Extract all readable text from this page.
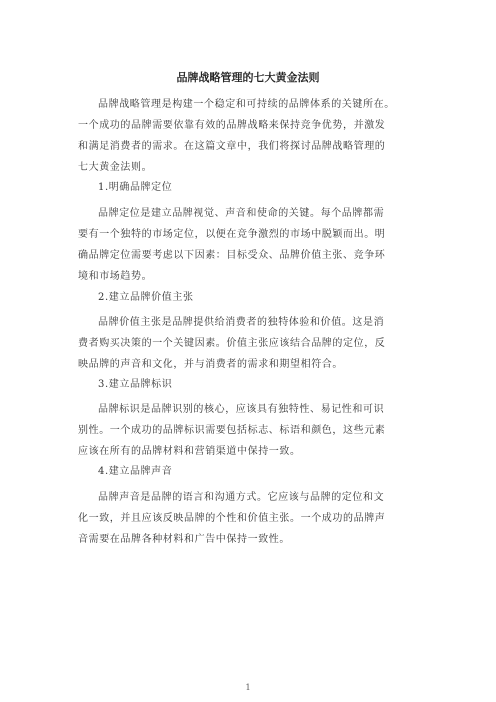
品牌战略管理的七大黄金法则
品牌战略管理是构建一个稳定和可持续的品牌体系的关键所在。
一个成功的品牌需要依靠有效的品牌战略来保持竞争优势，并激发
和满足消费者的需求。在这篇文章中，我们将探讨品牌战略管理的
七大黄金法则。

1.明确品牌定位

品牌定位是建立品牌视觉、声音和使命的关键。每个品牌都需
要有一个独特的市场定位，以便在竞争激烈的市场中脱颖而出。明
确品牌定位需要考虑以下因素：目标受众、品牌价值主张、竞争环
境和市场趋势。

2.建立品牌价值主张

品牌价值主张是品牌提供给消费者的独特体验和价值。这是消
费者购买决策的一个关键因素。价值主张应该结合品牌的定位，反
映品牌的声音和文化，并与消费者的需求和期望相符合。

3.建立品牌标识

品牌标识是品牌识别的核心，应该具有独特性、易记性和可识
别性。一个成功的品牌标识需要包括标志、标语和颜色，这些元素
应该在所有的品牌材料和营销渠道中保持一致。

4.建立品牌声音

品牌声音是品牌的语言和沟通方式。它应该与品牌的定位和文
化一致，并且应该反映品牌的个性和价值主张。一个成功的品牌声
音需要在品牌各种材料和广告中保持一致性。
1
